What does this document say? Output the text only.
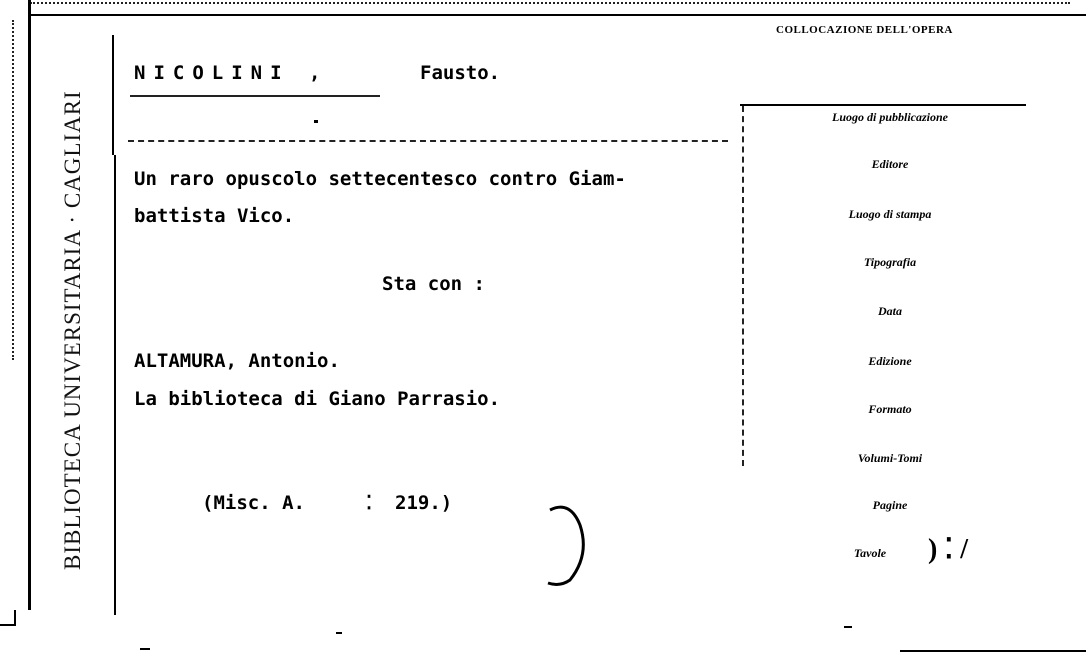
BIBLIOTECA UNIVERSITARIA · CAGLIARI
COLLOCAZIONE DELL'OPERA
NICOLINI ,	Fausto.
Un raro opuscolo settecentesco contro Giam-
battista Vico.
Sta con :
ALTAMURA, Antonio.
La biblioteca di Giano Parrasio.
(Misc. A.	219.)
⁚
Luogo di pubblicazione
Editore
Luogo di stampa
Tipografia
Data
Edizione
Formato
Volumi-Tomi
Pagine
Tavole	) ⁚ /
